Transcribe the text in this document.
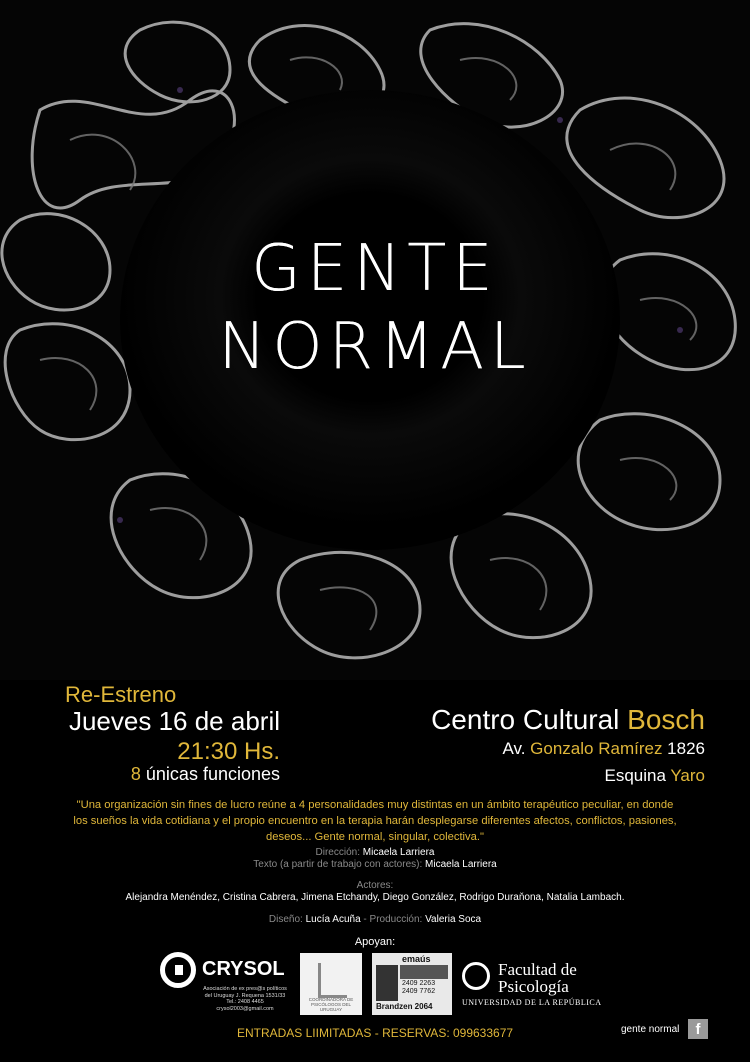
GENTE
NORMAL
Re-Estreno
Jueves 16 de abril
21:30 Hs.
8 únicas funciones
Centro Cultural Bosch
Av. Gonzalo Ramírez 1826
Esquina Yaro
"Una organización sin fines de lucro reúne a 4 personalidades muy distintas en un ámbito terapéutico peculiar, en donde los sueños la vida cotidiana y el propio encuentro en la terapia harán desplegarse diferentes afectos, conflictos, pasiones, deseos... Gente normal, singular, colectiva."
Dirección: Micaela Larriera
Texto (a partir de trabajo con actores): Micaela Larriera
Actores:
Alejandra Menéndez, Cristina Cabrera, Jimena Etchandy, Diego González, Rodrigo Duraňona, Natalia Lambach.
Diseño: Lucía Acuña - Producción: Valeria Soca
Apoyan:
CRYSOL
Asociación de ex pres@s políticos del Uruguay J. Requena 1531/33 Tel.: 2408 4465 crysol2003@gmail.com
COORDINADORA DE PSICÓLOGOS DEL URUGUAY
emaús
2409 2263
2409 7762
Brandzen 2064
Facultad de
Psicología
UNIVERSIDAD DE LA REPÚBLICA
ENTRADAS LIIMITADAS - RESERVAS: 099633677	gente normal	f
